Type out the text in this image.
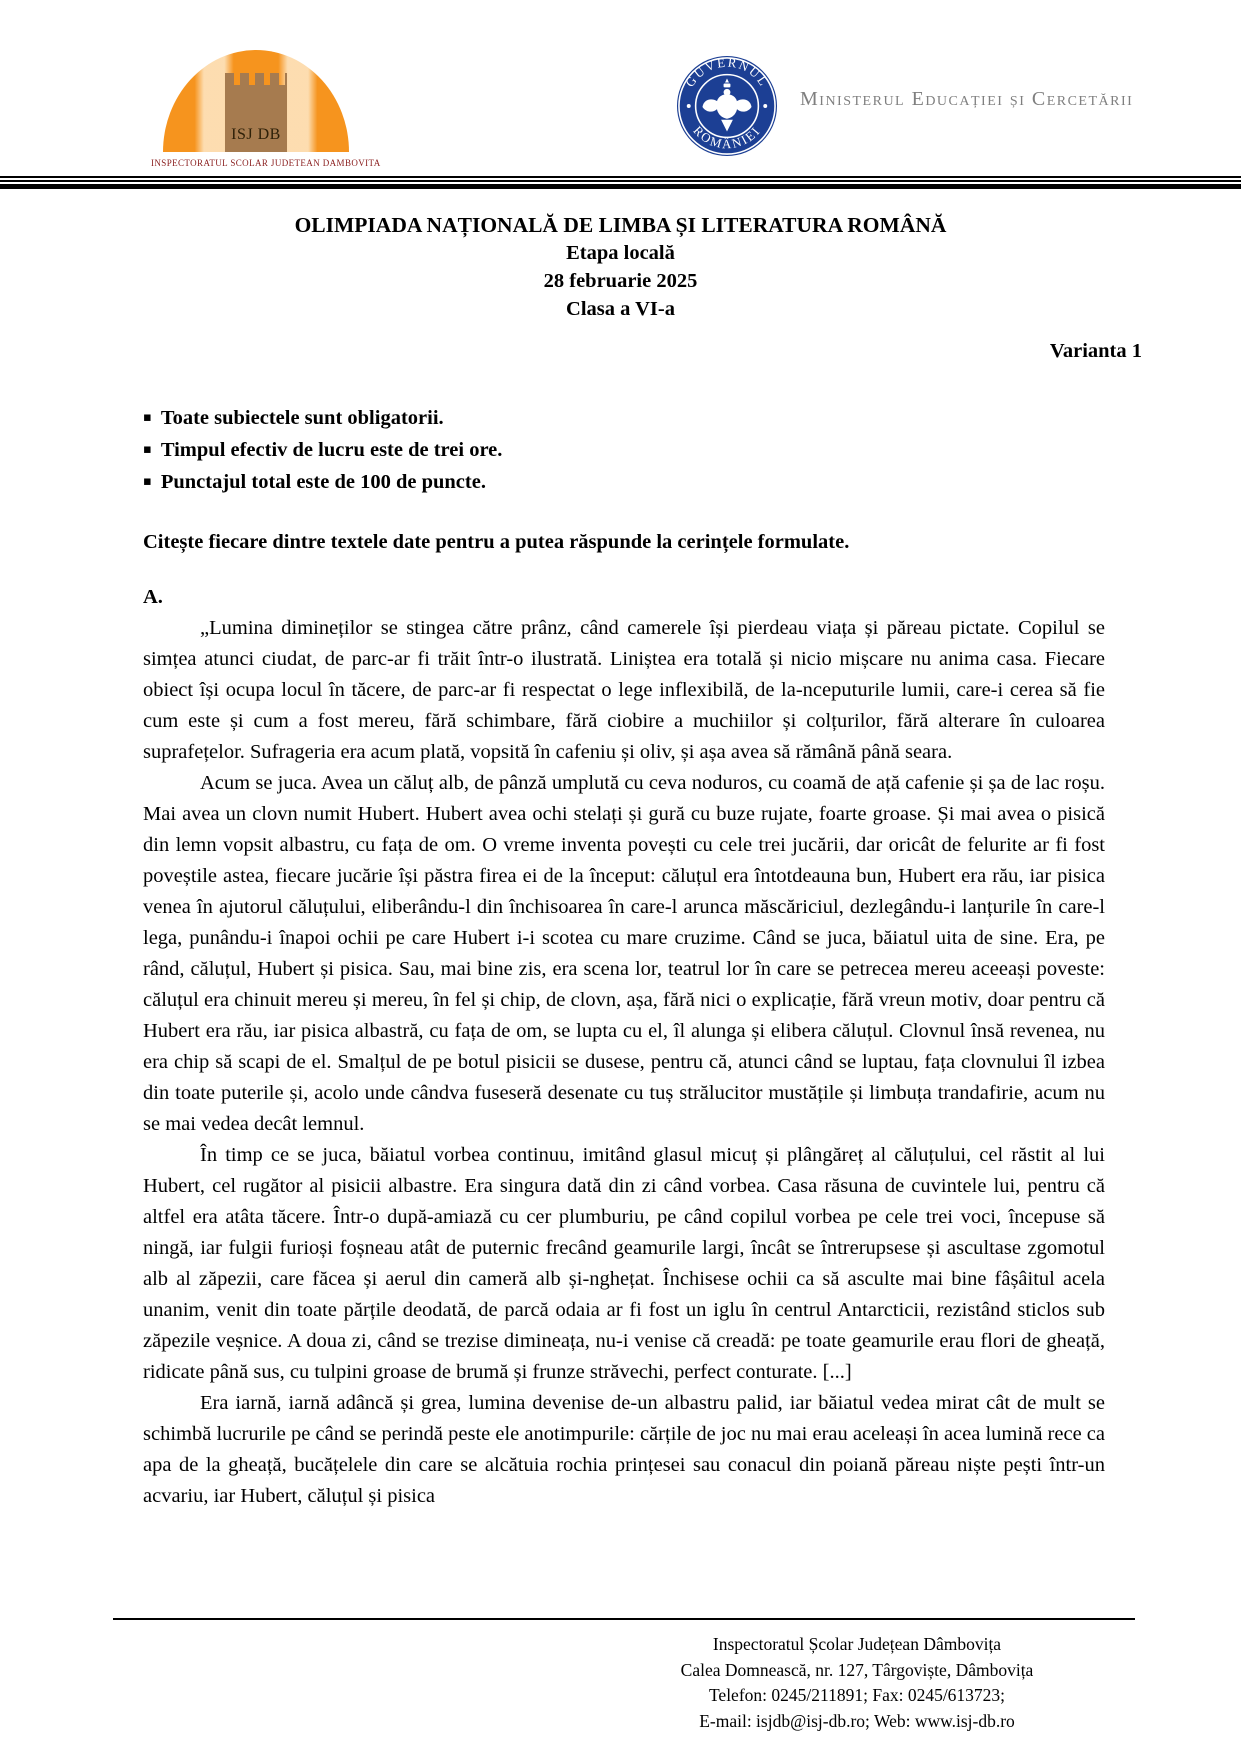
ISJ DB
INSPECTORATUL SCOLAR JUDETEAN DAMBOVITA
GUVERNUL
ROMÂNIEI
Ministerul Educației și Cercetării
OLIMPIADA NAȚIONALĂ DE LIMBA ȘI LITERATURA ROMÂNĂ
Etapa locală
28 februarie 2025
Clasa a VI-a
Varianta 1
▪ Toate subiectele sunt obligatorii.
▪ Timpul efectiv de lucru este de trei ore.
▪ Punctajul total este de 100 de puncte.
Citește fiecare dintre textele date pentru a putea răspunde la cerințele formulate.
A.

„Lumina dimineților se stingea către prânz, când camerele își pierdeau viața și păreau pictate. Copilul se simțea atunci ciudat, de parc-ar fi trăit într-o ilustrată. Liniștea era totală și nicio mișcare nu anima casa. Fiecare obiect își ocupa locul în tăcere, de parc-ar fi respectat o lege inflexibilă, de la-nceputurile lumii, care-i cerea să fie cum este și cum a fost mereu, fără schimbare, fără ciobire a muchiilor și colțurilor, fără alterare în culoarea suprafețelor. Sufrageria era acum plată, vopsită în cafeniu și oliv, și așa avea să rămână până seara.

Acum se juca. Avea un căluț alb, de pânză umplută cu ceva noduros, cu coamă de ață cafenie și șa de lac roșu. Mai avea un clovn numit Hubert. Hubert avea ochi stelați și gură cu buze rujate, foarte groase. Și mai avea o pisică din lemn vopsit albastru, cu fața de om. O vreme inventa povești cu cele trei jucării, dar oricât de felurite ar fi fost poveștile astea, fiecare jucărie își păstra firea ei de la început: căluțul era întotdeauna bun, Hubert era rău, iar pisica venea în ajutorul căluțului, eliberându-l din închisoarea în care-l arunca măscăriciul, dezlegându-i lanțurile în care-l lega, punându-i înapoi ochii pe care Hubert i-i scotea cu mare cruzime. Când se juca, băiatul uita de sine. Era, pe rând, căluțul, Hubert și pisica. Sau, mai bine zis, era scena lor, teatrul lor în care se petrecea mereu aceeași poveste: căluțul era chinuit mereu și mereu, în fel și chip, de clovn, așa, fără nici o explicație, fără vreun motiv, doar pentru că Hubert era rău, iar pisica albastră, cu fața de om, se lupta cu el, îl alunga și elibera căluțul. Clovnul însă revenea, nu era chip să scapi de el. Smalțul de pe botul pisicii se dusese, pentru că, atunci când se luptau, fața clovnului îl izbea din toate puterile și, acolo unde cândva fuseseră desenate cu tuș strălucitor mustățile și limbuța trandafirie, acum nu se mai vedea decât lemnul.

În timp ce se juca, băiatul vorbea continuu, imitând glasul micuț și plângăreț al căluțului, cel răstit al lui Hubert, cel rugător al pisicii albastre. Era singura dată din zi când vorbea. Casa răsuna de cuvintele lui, pentru că altfel era atâta tăcere. Într-o după-amiază cu cer plumburiu, pe când copilul vorbea pe cele trei voci, începuse să ningă, iar fulgii furioși foșneau atât de puternic frecând geamurile largi, încât se întrerupsese și ascultase zgomotul alb al zăpezii, care făcea și aerul din cameră alb și-nghețat. Închisese ochii ca să asculte mai bine fâșâitul acela unanim, venit din toate părțile deodată, de parcă odaia ar fi fost un iglu în centrul Antarcticii, rezistând sticlos sub zăpezile veșnice. A doua zi, când se trezise dimineața, nu-i venise că creadă: pe toate geamurile erau flori de gheață, ridicate până sus, cu tulpini groase de brumă și frunze străvechi, perfect conturate. [...]

Era iarnă, iarnă adâncă și grea, lumina devenise de-un albastru palid, iar băiatul vedea mirat cât de mult se schimbă lucrurile pe când se perindă peste ele anotimpurile: cărțile de joc nu mai erau aceleași în acea lumină rece ca apa de la gheață, bucățelele din care se alcătuia rochia prințesei sau conacul din poiană păreau niște pești într-un acvariu, iar Hubert, căluțul și pisica

Inspectoratul Școlar Județean Dâmbovița
Calea Domnească, nr. 127, Târgoviște, Dâmbovița
Telefon: 0245/211891; Fax: 0245/613723;
E-mail: isjdb@isj-db.ro; Web: www.isj-db.ro
